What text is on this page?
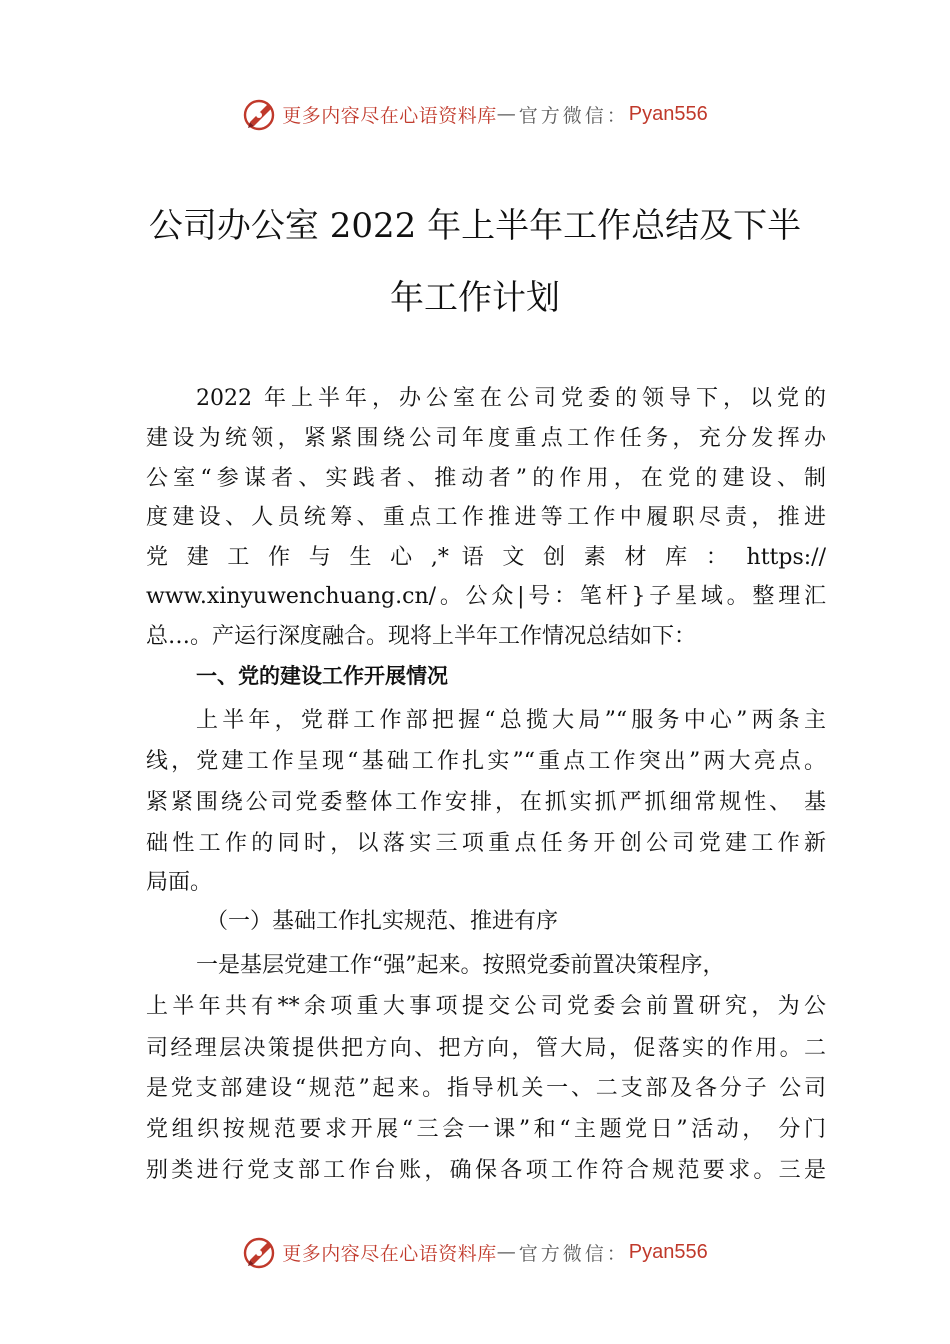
更多内容尽在心语资料库 — 官方微信： Pyan556
公司办公室 2022 年上半年工作总结及下半
年工作计划
2022 年上半年，办公室在公司党委的领导下，以党的
建设为统领，紧紧围绕公司年度重点工作任务，充分发挥办
公室“参谋者、实践者、推动者”的作用，在党的建设、制
度建设、人员统筹、重点工作推进等工作中履职尽责，推进
党 建 工 作 与 生 心 ,* 语 文 创 素 材 库 ： https://
www.xinyuwenchuang.cn/。公众|号：笔杆}子星域。整理汇
总…。产运行深度融合。现将上半年工作情况总结如下：
一、党的建设工作开展情况
上半年，党群工作部把握“总揽大局”“服务中心”两条主
线，党建工作呈现“基础工作扎实”“重点工作突出”两大亮点。
紧紧围绕公司党委整体工作安排，在抓实抓严抓细常规性、 基
础性工作的同时，以落实三项重点任务开创公司党建工作新
局面。
（一）基础工作扎实规范、推进有序
一是基层党建工作“强”起来。按照党委前置决策程序，
上半年共有**余项重大事项提交公司党委会前置研究，为公
司经理层决策提供把方向、把方向，管大局，促落实的作用。二
是党支部建设“规范”起来。指导机关一、二支部及各分子 公司
党组织按规范要求开展“三会一课”和“主题党日”活动， 分门
别类进行党支部工作台账，确保各项工作符合规范要求。三是
更多内容尽在心语资料库 — 官方微信： Pyan556
